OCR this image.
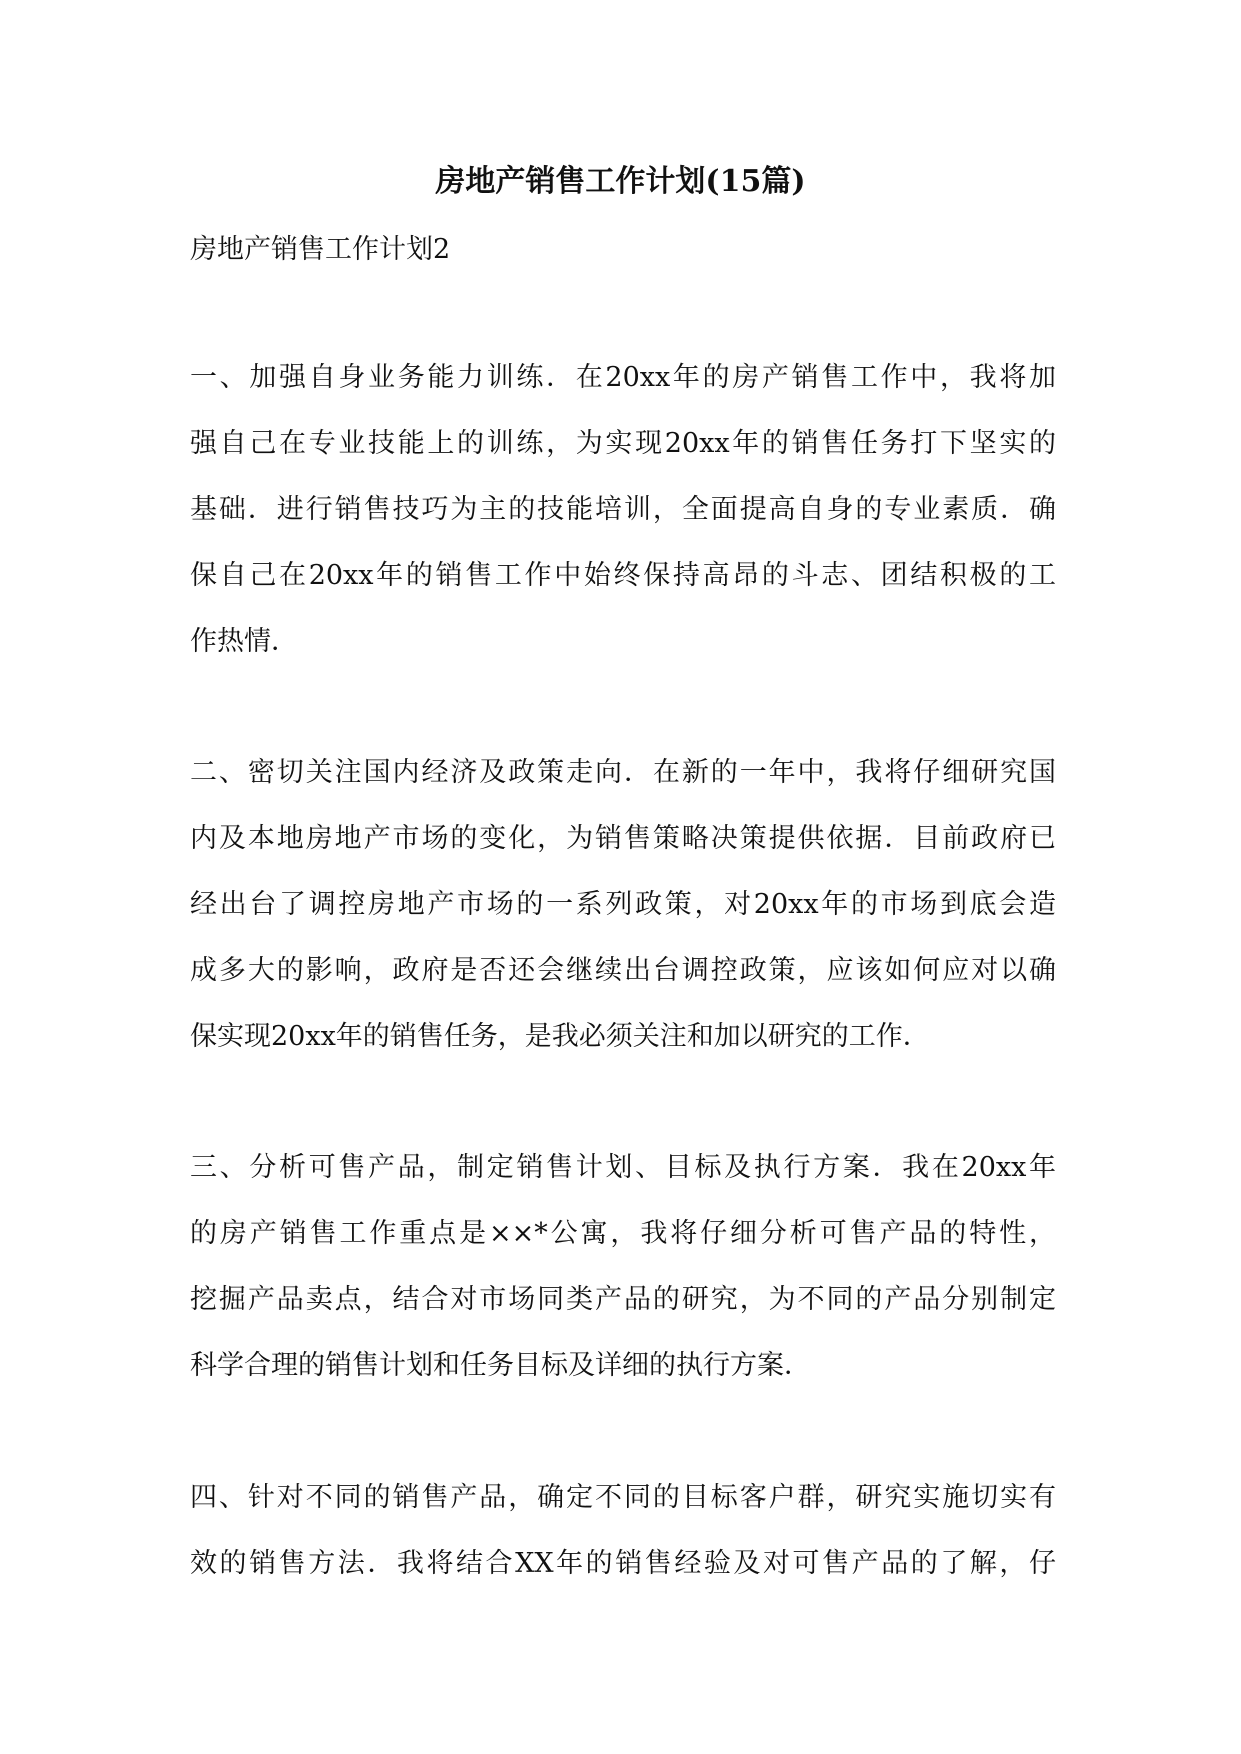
房地产销售工作计划(15篇)

房地产销售工作计划2

一、加强自身业务能力训练．在20xx年的房产销售工作中，我将加
强自己在专业技能上的训练，为实现20xx年的销售任务打下坚实的
基础．进行销售技巧为主的技能培训，全面提高自身的专业素质．确
保自己在20xx年的销售工作中始终保持高昂的斗志、团结积极的工
作热情．
二、密切关注国内经济及政策走向．在新的一年中，我将仔细研究国
内及本地房地产市场的变化，为销售策略决策提供依据．目前政府已
经出台了调控房地产市场的一系列政策，对20xx年的市场到底会造
成多大的影响，政府是否还会继续出台调控政策，应该如何应对以确
保实现20xx年的销售任务，是我必须关注和加以研究的工作．
三、分析可售产品，制定销售计划、目标及执行方案．我在20xx年
的房产销售工作重点是××*公寓，我将仔细分析可售产品的特性，
挖掘产品卖点，结合对市场同类产品的研究，为不同的产品分别制定
科学合理的销售计划和任务目标及详细的执行方案．
四、针对不同的销售产品，确定不同的目标客户群，研究实施切实有
效的销售方法．我将结合XX年的销售经验及对可售产品的了解，仔
